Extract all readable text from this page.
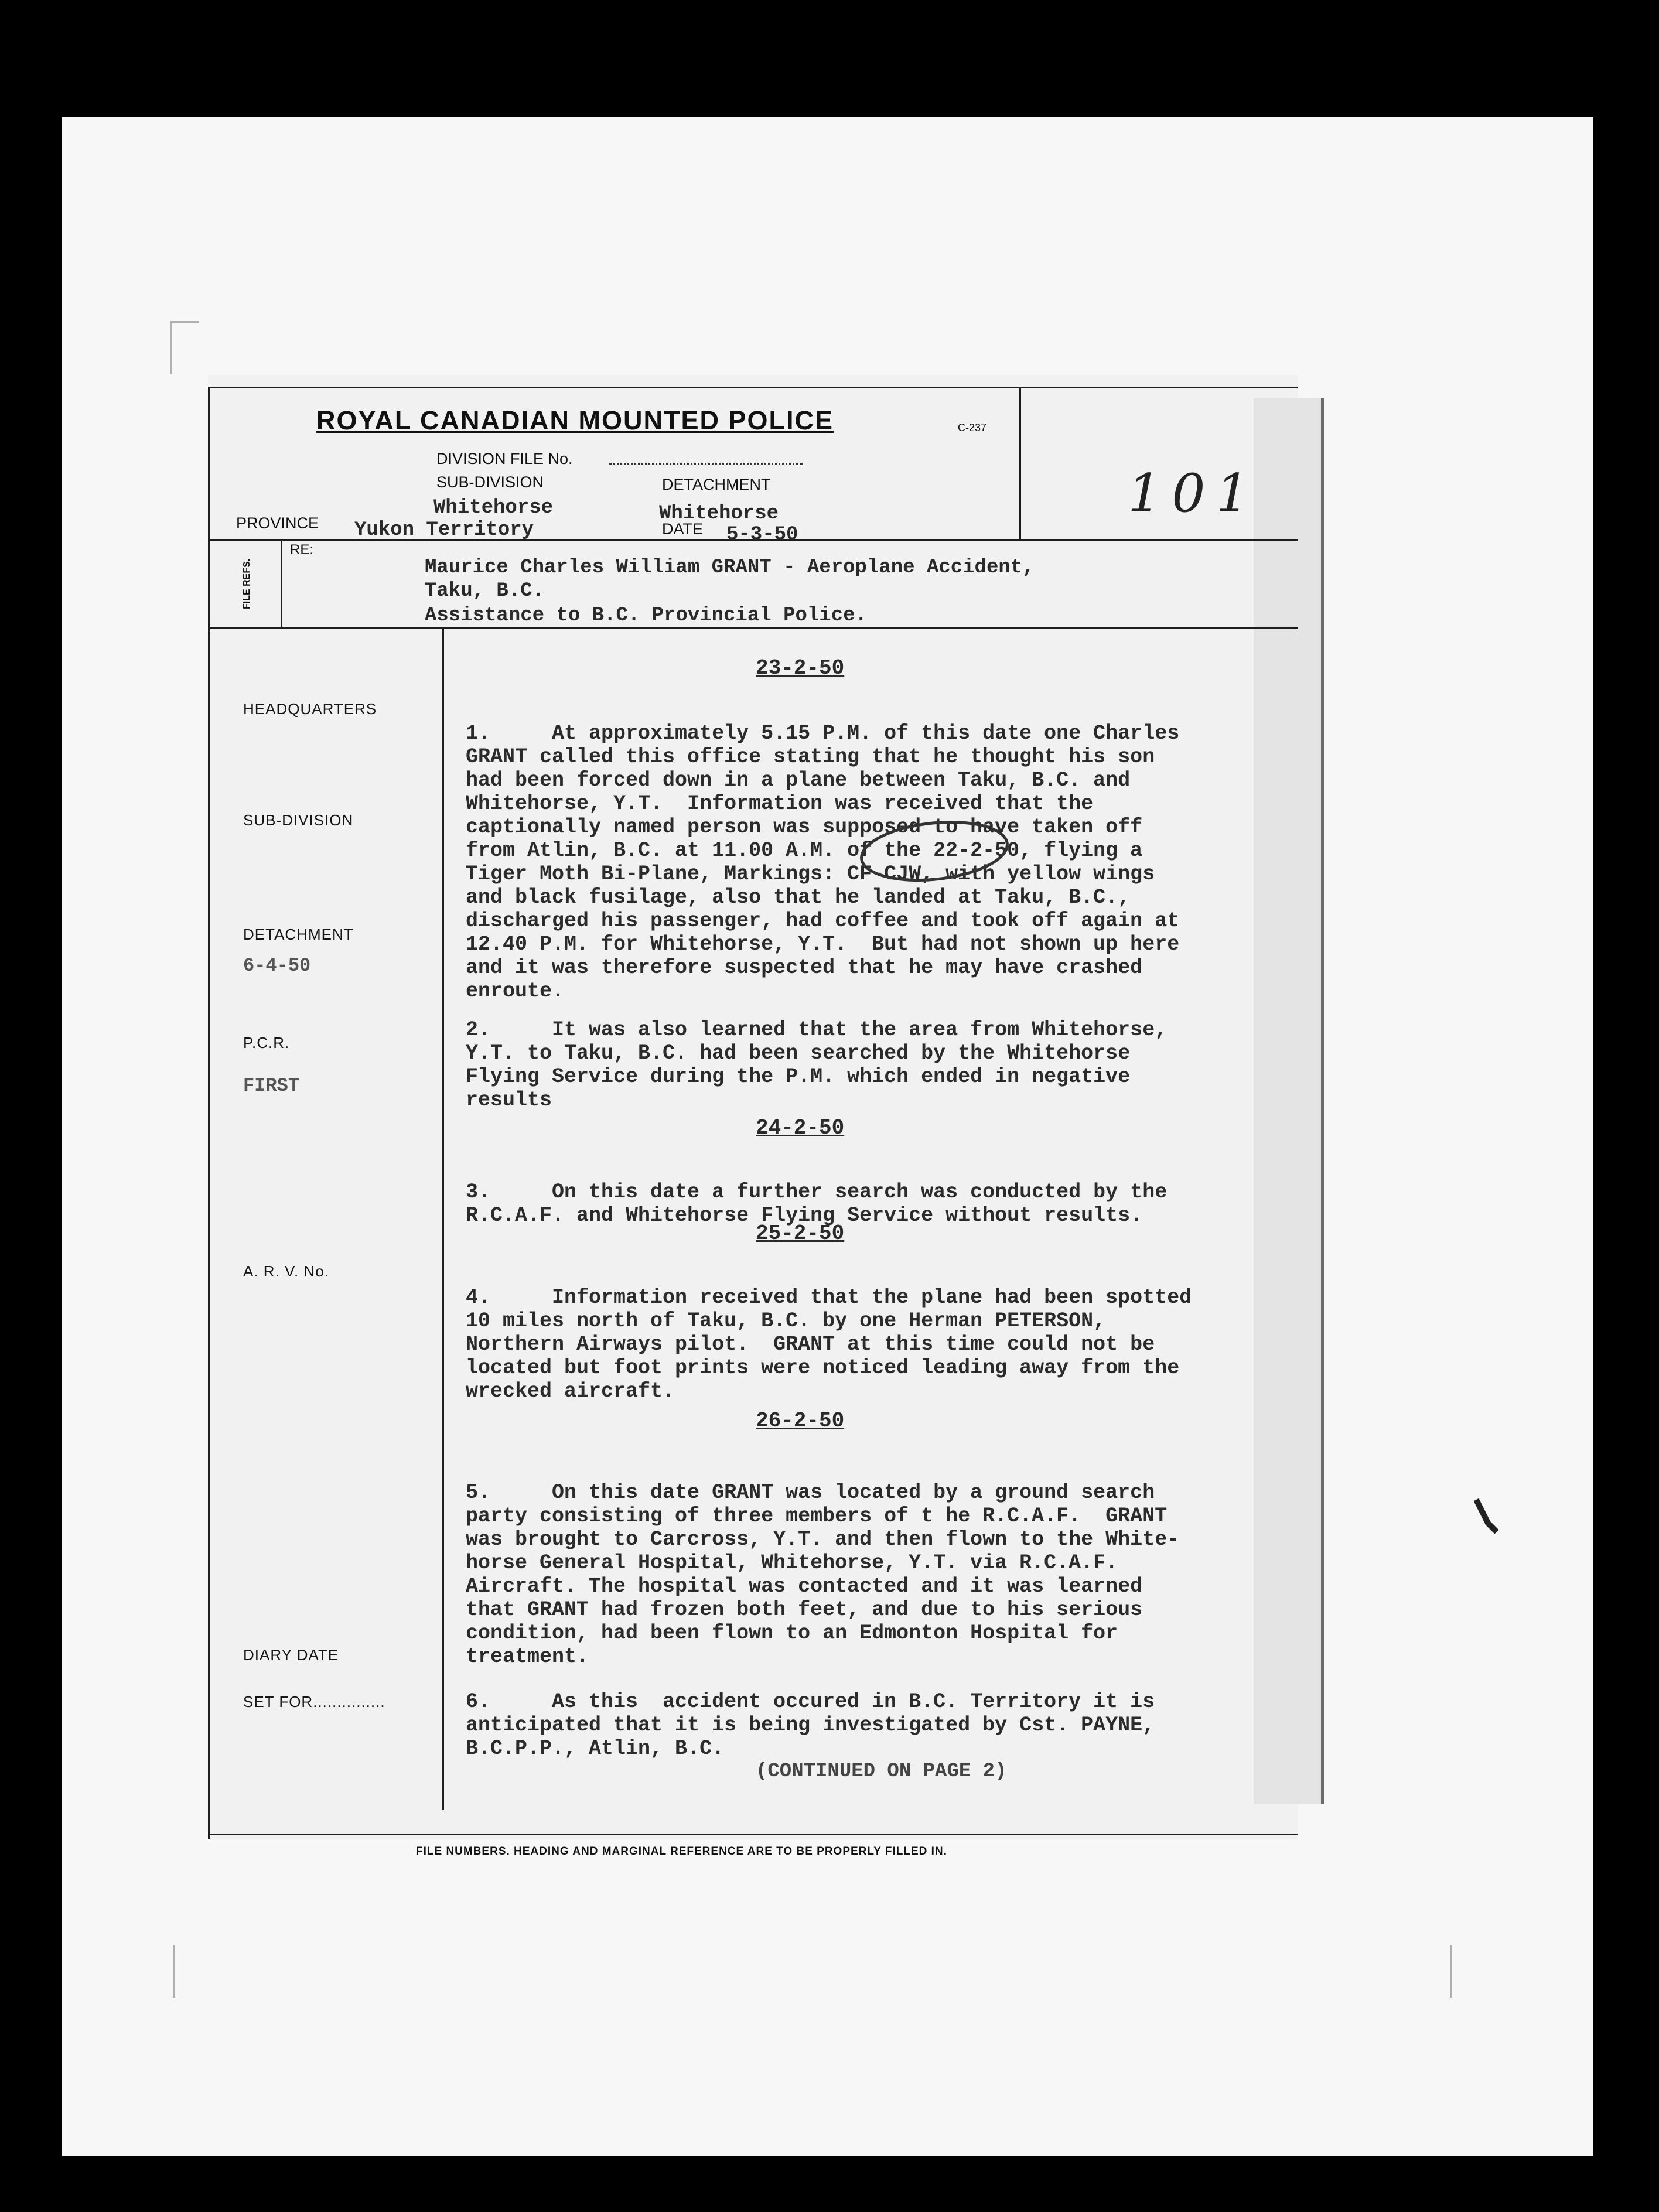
ROYAL CANADIAN MOUNTED POLICE	C-237
DIVISION FILE No.
SUB-DIVISION	DETACHMENT
Whitehorse	Whitehorse
PROVINCE Yukon Territory	DATE 5-3-50
RE:
FILE REFS.	Maurice Charles William GRANT - Aeroplane Accident,
Taku, B.C.
Assistance to B.C. Provincial Police.
101
HEADQUARTERS
SUB-DIVISION
DETACHMENT
6-4-50
P.C.R.
FIRST
A. R. V. No.
DIARY DATE
SET FOR...............
23-2-50

1.     At approximately 5.15 P.M. of this date one Charles
GRANT called this office stating that he thought his son
had been forced down in a plane between Taku, B.C. and
Whitehorse, Y.T.  Information was received that the
captionally named person was supposed to have taken off
from Atlin, B.C. at 11.00 A.M. of the 22-2-50, flying a
Tiger Moth Bi-Plane, Markings: CF-CJW, with yellow wings
and black fusilage, also that he landed at Taku, B.C.,
discharged his passenger, had coffee and took off again at
12.40 P.M. for Whitehorse, Y.T.  But had not shown up here
and it was therefore suspected that he may have crashed
enroute.

2.     It was also learned that the area from Whitehorse,
Y.T. to Taku, B.C. had been searched by the Whitehorse
Flying Service during the P.M. which ended in negative
results
24-2-50

3.     On this date a further search was conducted by the
R.C.A.F. and Whitehorse Flying Service without results.
25-2-50

4.     Information received that the plane had been spotted
10 miles north of Taku, B.C. by one Herman PETERSON,
Northern Airways pilot.  GRANT at this time could not be
located but foot prints were noticed leading away from the
wrecked aircraft.
26-2-50

5.     On this date GRANT was located by a ground search
party consisting of three members of t he R.C.A.F.  GRANT
was brought to Carcross, Y.T. and then flown to the White-
horse General Hospital, Whitehorse, Y.T. via R.C.A.F.
Aircraft. The hospital was contacted and it was learned
that GRANT had frozen both feet, and due to his serious
condition, had been flown to an Edmonton Hospital for
treatment.

6.     As this  accident occured in B.C. Territory it is
anticipated that it is being investigated by Cst. PAYNE,
B.C.P.P., Atlin, B.C.
(CONTINUED ON PAGE 2)
FILE NUMBERS. HEADING AND MARGINAL REFERENCE ARE TO BE PROPERLY FILLED IN.
